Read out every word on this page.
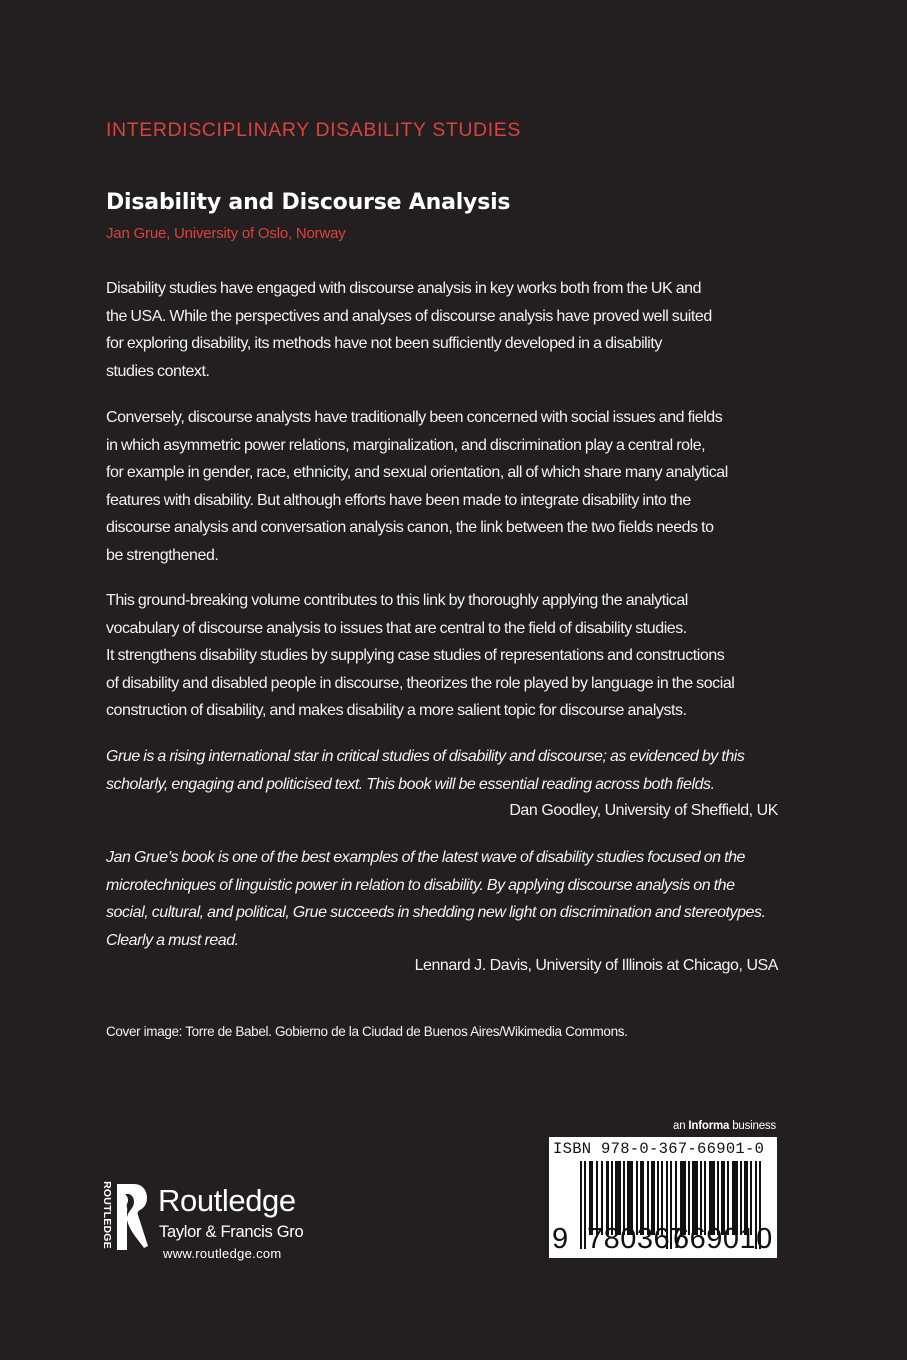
INTERDISCIPLINARY DISABILITY STUDIES
Disability and Discourse Analysis
Jan Grue, University of Oslo, Norway
Disability studies have engaged with discourse analysis in key works both from the UK and
the USA. While the perspectives and analyses of discourse analysis have proved well suited
for exploring disability, its methods have not been sufficiently developed in a disability
studies context.
Conversely, discourse analysts have traditionally been concerned with social issues and fields
in which asymmetric power relations, marginalization, and discrimination play a central role,
for example in gender, race, ethnicity, and sexual orientation, all of which share many analytical
features with disability. But although efforts have been made to integrate disability into the
discourse analysis and conversation analysis canon, the link between the two fields needs to
be strengthened.
This ground-breaking volume contributes to this link by thoroughly applying the analytical
vocabulary of discourse analysis to issues that are central to the field of disability studies.
It strengthens disability studies by supplying case studies of representations and constructions
of disability and disabled people in discourse, theorizes the role played by language in the social
construction of disability, and makes disability a more salient topic for discourse analysts.
Grue is a rising international star in critical studies of disability and discourse; as evidenced by this
scholarly, engaging and politicised text. This book will be essential reading across both fields.
Dan Goodley, University of Sheffield, UK
Jan Grue’s book is one of the best examples of the latest wave of disability studies focused on the
microtechniques of linguistic power in relation to disability. By applying discourse analysis on the
social, cultural, and political, Grue succeeds in shedding new light on discrimination and stereotypes.
Clearly a must read.
Lennard J. Davis, University of Illinois at Chicago, USA
Cover image: Torre de Babel. Gobierno de la Ciudad de Buenos Aires/Wikimedia Commons.
ROUTLEDGE Routledge
Taylor & Francis Gro
www.routledge.com
an Informa business
ISBN 978-0-367-66901-0
9 780367
669010
